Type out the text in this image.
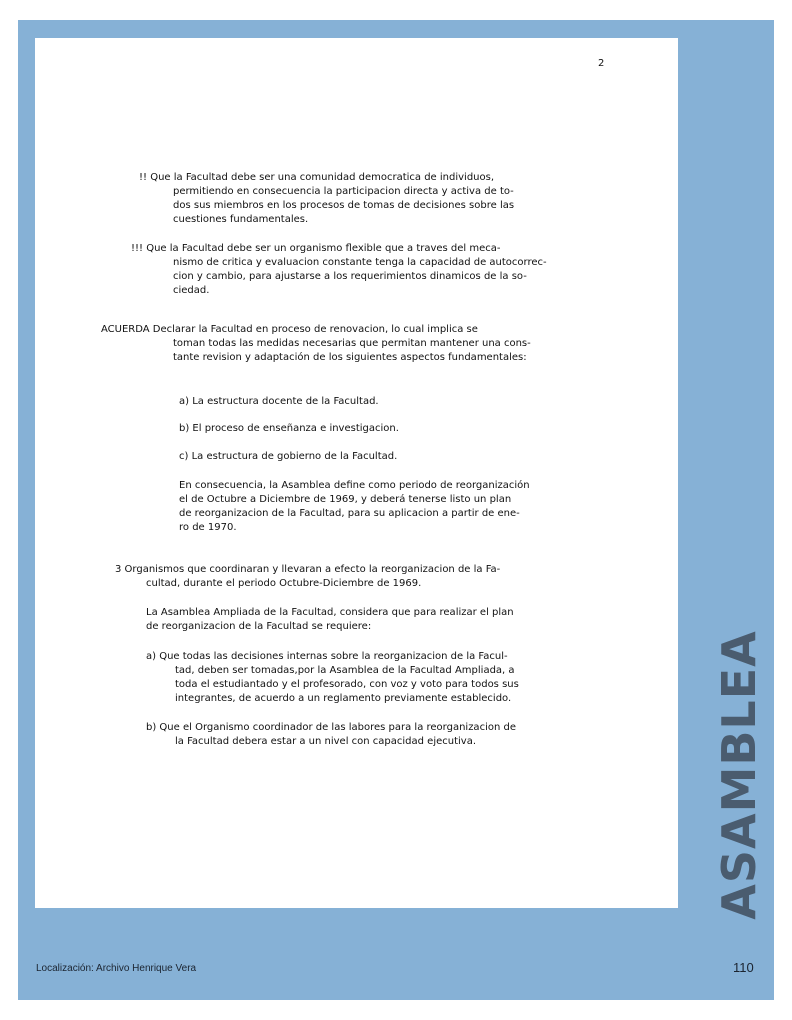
2
!! Que la Facultad debe ser una comunidad democratica de individuos,
permitiendo en consecuencia la participacion directa y activa de to-
dos sus miembros en los procesos de tomas de decisiones sobre las
cuestiones fundamentales.
!!! Que la Facultad debe ser un organismo flexible que a traves del meca-
nismo de critica y evaluacion constante tenga la capacidad de autocorrec-
cion y cambio, para ajustarse a los requerimientos dinamicos de la so-
ciedad.
ACUERDA Declarar la Facultad en proceso de renovacion, lo cual implica se
toman todas las medidas necesarias que permitan mantener una cons-
tante revision y adaptación de los siguientes aspectos fundamentales:
a) La estructura docente de la Facultad.
b) El proceso de enseñanza e investigacion.
c) La estructura de gobierno de la Facultad.
En consecuencia, la Asamblea define como periodo de reorganización
el de Octubre a Diciembre de 1969, y deberá tenerse listo un plan
de reorganizacion de la Facultad, para su aplicacion a partir de ene-
ro de 1970.
3 Organismos que coordinaran y llevaran a efecto la reorganizacion de la Fa-
cultad, durante el periodo Octubre-Diciembre de 1969.
La Asamblea Ampliada de la Facultad, considera que para realizar el plan
de reorganizacion de la Facultad se requiere:
a) Que todas las decisiones internas sobre la reorganizacion de la Facul-
tad, deben ser tomadas,por la Asamblea de la Facultad Ampliada, a
toda el estudiantado y el profesorado, con voz y voto para todos sus
integrantes, de acuerdo a un reglamento previamente establecido.
b) Que el Organismo coordinador de las labores para la reorganizacion de
la Facultad debera estar a un nivel con capacidad ejecutiva.	ASAMBLEA
Localización: Archivo Henrique Vera	110
